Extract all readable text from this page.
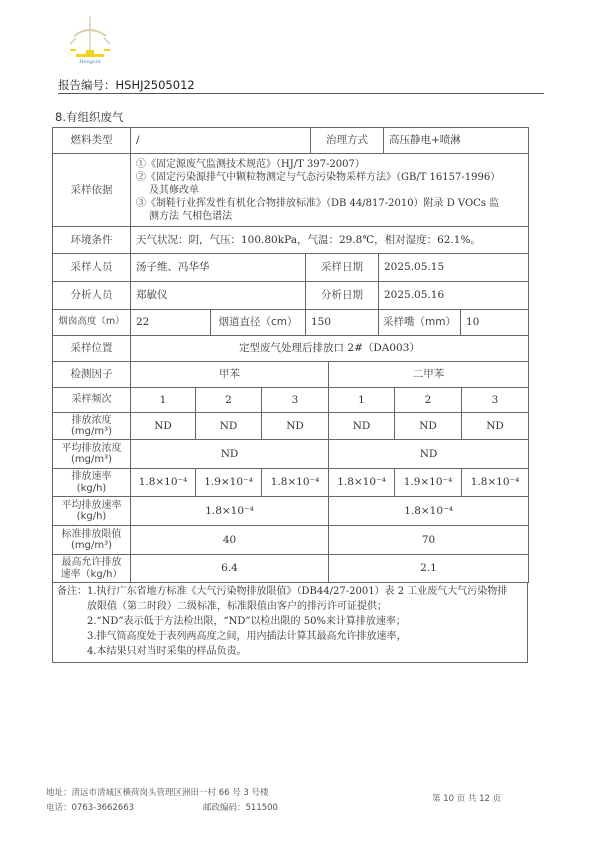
Hengxin
报告编号：HSHJ2505012
8.有组织废气
燃料类型	/	治理方式	高压静电+喷淋
采样依据
①《固定源废气监测技术规范》（HJ/T 397-2007）
②《固定污染源排气中颗粒物测定与气态污染物采样方法》（GB/T 16157-1996）
及其修改单
③《制鞋行业挥发性有机化合物排放标准》（DB 44/817-2010）附录 D VOCs 监
测方法 气相色谱法
环境条件	天气状况：阴，气压：100.80kPa，气温：29.8℃，相对湿度：62.1%。
采样人员	汤子维、冯华华	采样日期	2025.05.15
分析人员	郑敏仪	分析日期	2025.05.16
烟囱高度（m）	22	烟道直径（cm）	150	采样嘴（mm） 10
采样位置	定型废气处理后排放口 2#（DA003）
检测因子	甲苯	二甲苯
采样频次	1	2	3	1	2	3
排放浓度
(mg/m³)	ND	ND	ND	ND	ND	ND
平均排放浓度
(mg/m³)	ND	ND
排放速率
(kg/h)	1.8×10⁻⁴	1.9×10⁻⁴	1.8×10⁻⁴	1.8×10⁻⁴	1.9×10⁻⁴	1.8×10⁻⁴
平均排放速率
(kg/h)	1.8×10⁻⁴	1.8×10⁻⁴
标准排放限值
(mg/m³)	40	70
最高允许排放
速率（kg/h）	6.4	2.1
备注：1.执行广东省地方标准《大气污染物排放限值》（DB44/27-2001）表 2 工业废气大气污染物排
放限值（第二时段）二级标准，标准限值由客户的排污许可证提供；
2.“ND”表示低于方法检出限，“ND”以检出限的 50%来计算排放速率；
3.排气筒高度处于表列两高度之间，用内插法计算其最高允许排放速率，
4.本结果只对当时采集的样品负责。
地址：清远市清城区横荷岗头管理区洲田一村 66 号 3 号楼
电话：0763-3662663	邮政编码：511500
第 10 页 共 12 页
